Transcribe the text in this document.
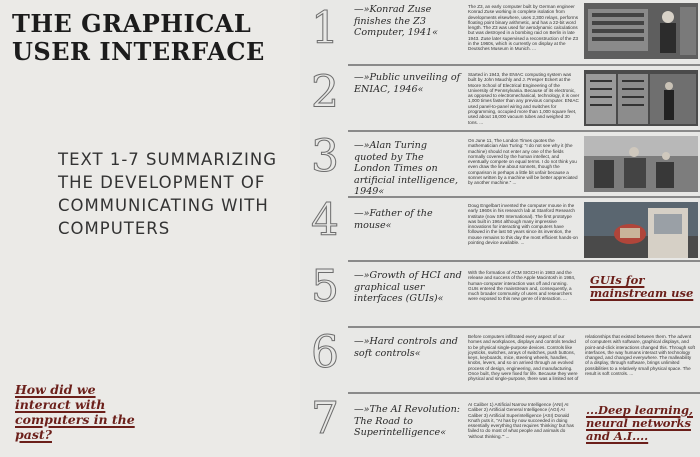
THE GRAPHICAL USER INTERFACE
TEXT 1-7 SUMMARIZING THE DEVELOPMENT OF COMMUNICATING WITH COMPUTERS
How did we interact with computers in the past?
1
2
3
4
5
6
7
—»Konrad Zuse finishes the Z3 Computer, 1941«
The Z3, an early computer built by German engineer Konrad Zuse working in complete isolation from developments elsewhere, uses 2,300 relays, performs floating point binary arithmetic, and has a 22-bit word length. The Z3 was used for aerodynamic calculations but was destroyed in a bombing raid on Berlin in late 1943. Zuse later supervised a reconstruction of the Z3 in the 1960s, which is currently on display at the Deutsches Museum in Munich. ...
—»Public unveiling of ENIAC, 1946«
Started in 1943, the ENIAC computing system was built by John Mauchly and J. Presper Eckert at the Moore School of Electrical Engineering of the University of Pennsylvania. Because of its electronic, as opposed to electromechanical, technology, it is over 1,000 times faster than any previous computer. ENIAC used panel-to-panel wiring and switches for programming, occupied more than 1,000 square feet, used about 18,000 vacuum tubes and weighed 30 tons. ...
—»Alan Turing quoted by The London Times on artificial intelligence, 1949«
On June 11, The London Times quotes the mathematician Alan Turing: "I do not see why it (the machine) should not enter any one of the fields normally covered by the human intellect, and eventually compete on equal terms. I do not think you even draw the line about sonnets, though the comparison is perhaps a little bit unfair because a sonnet written by a machine will be better appreciated by another machine." ...
—»Father of the mouse«
Doug Engelbart invented the computer mouse in the early 1960s in his research lab at Stanford Research Institute (now SRI International). The first prototype was built in 1964 although many impressive innovations for interacting with computers have followed in the last 50 years since its invention, the mouse remains to this day the most efficient hands-on pointing device available. ...
—»Growth of HCI and graphical user interfaces (GUIs)«
With the formation of ACM SIGCHI in 1983 and the release and success of the Apple Macintosh in 1984, human-computer interaction was off and running. GUIs entered the mainstream and, consequently, a much broader community of users and researchers were exposed to this new genre of interaction. ...
GUIs for mainstream use
—»Hard controls and soft controls«
Before computers infiltrated every aspect of our homes and workplaces, displays and controls tended to be physical single-purpose devices. Controls like joysticks, switches, arrays of switches, push buttons, keys, keyboards, mice, steering wheels, handles, knobs, levers, and so on arrived through an evolved process of design, engineering, and manufacturing. Once built, they were fixed for life. Because they were physical and single-purpose, there was a limited set of relationships that existed between them. The advent of computers with software, graphical displays, and point-and-click interactions changed this. Through soft interfaces, the way humans interact with technology changed, and changed everywhere. The malleability of a display, through software, brings unlimited possibilities to a relatively small physical space. The result is soft controls. ...
—»The AI Revolution: The Road to Superintelligence«
AI Caliber 1) Artificial Narrow Intelligence (ANI) AI Caliber 2) Artificial General Intelligence (AGI) AI Caliber 3) Artificial Superintelligence (ASI) Donald Knuth puts it, "AI has by now succeeded in doing essentially everything that requires 'thinking' but has failed to do most of what people and animals do 'without thinking.'" ...
...Deep learning, neural networks and A.I....
